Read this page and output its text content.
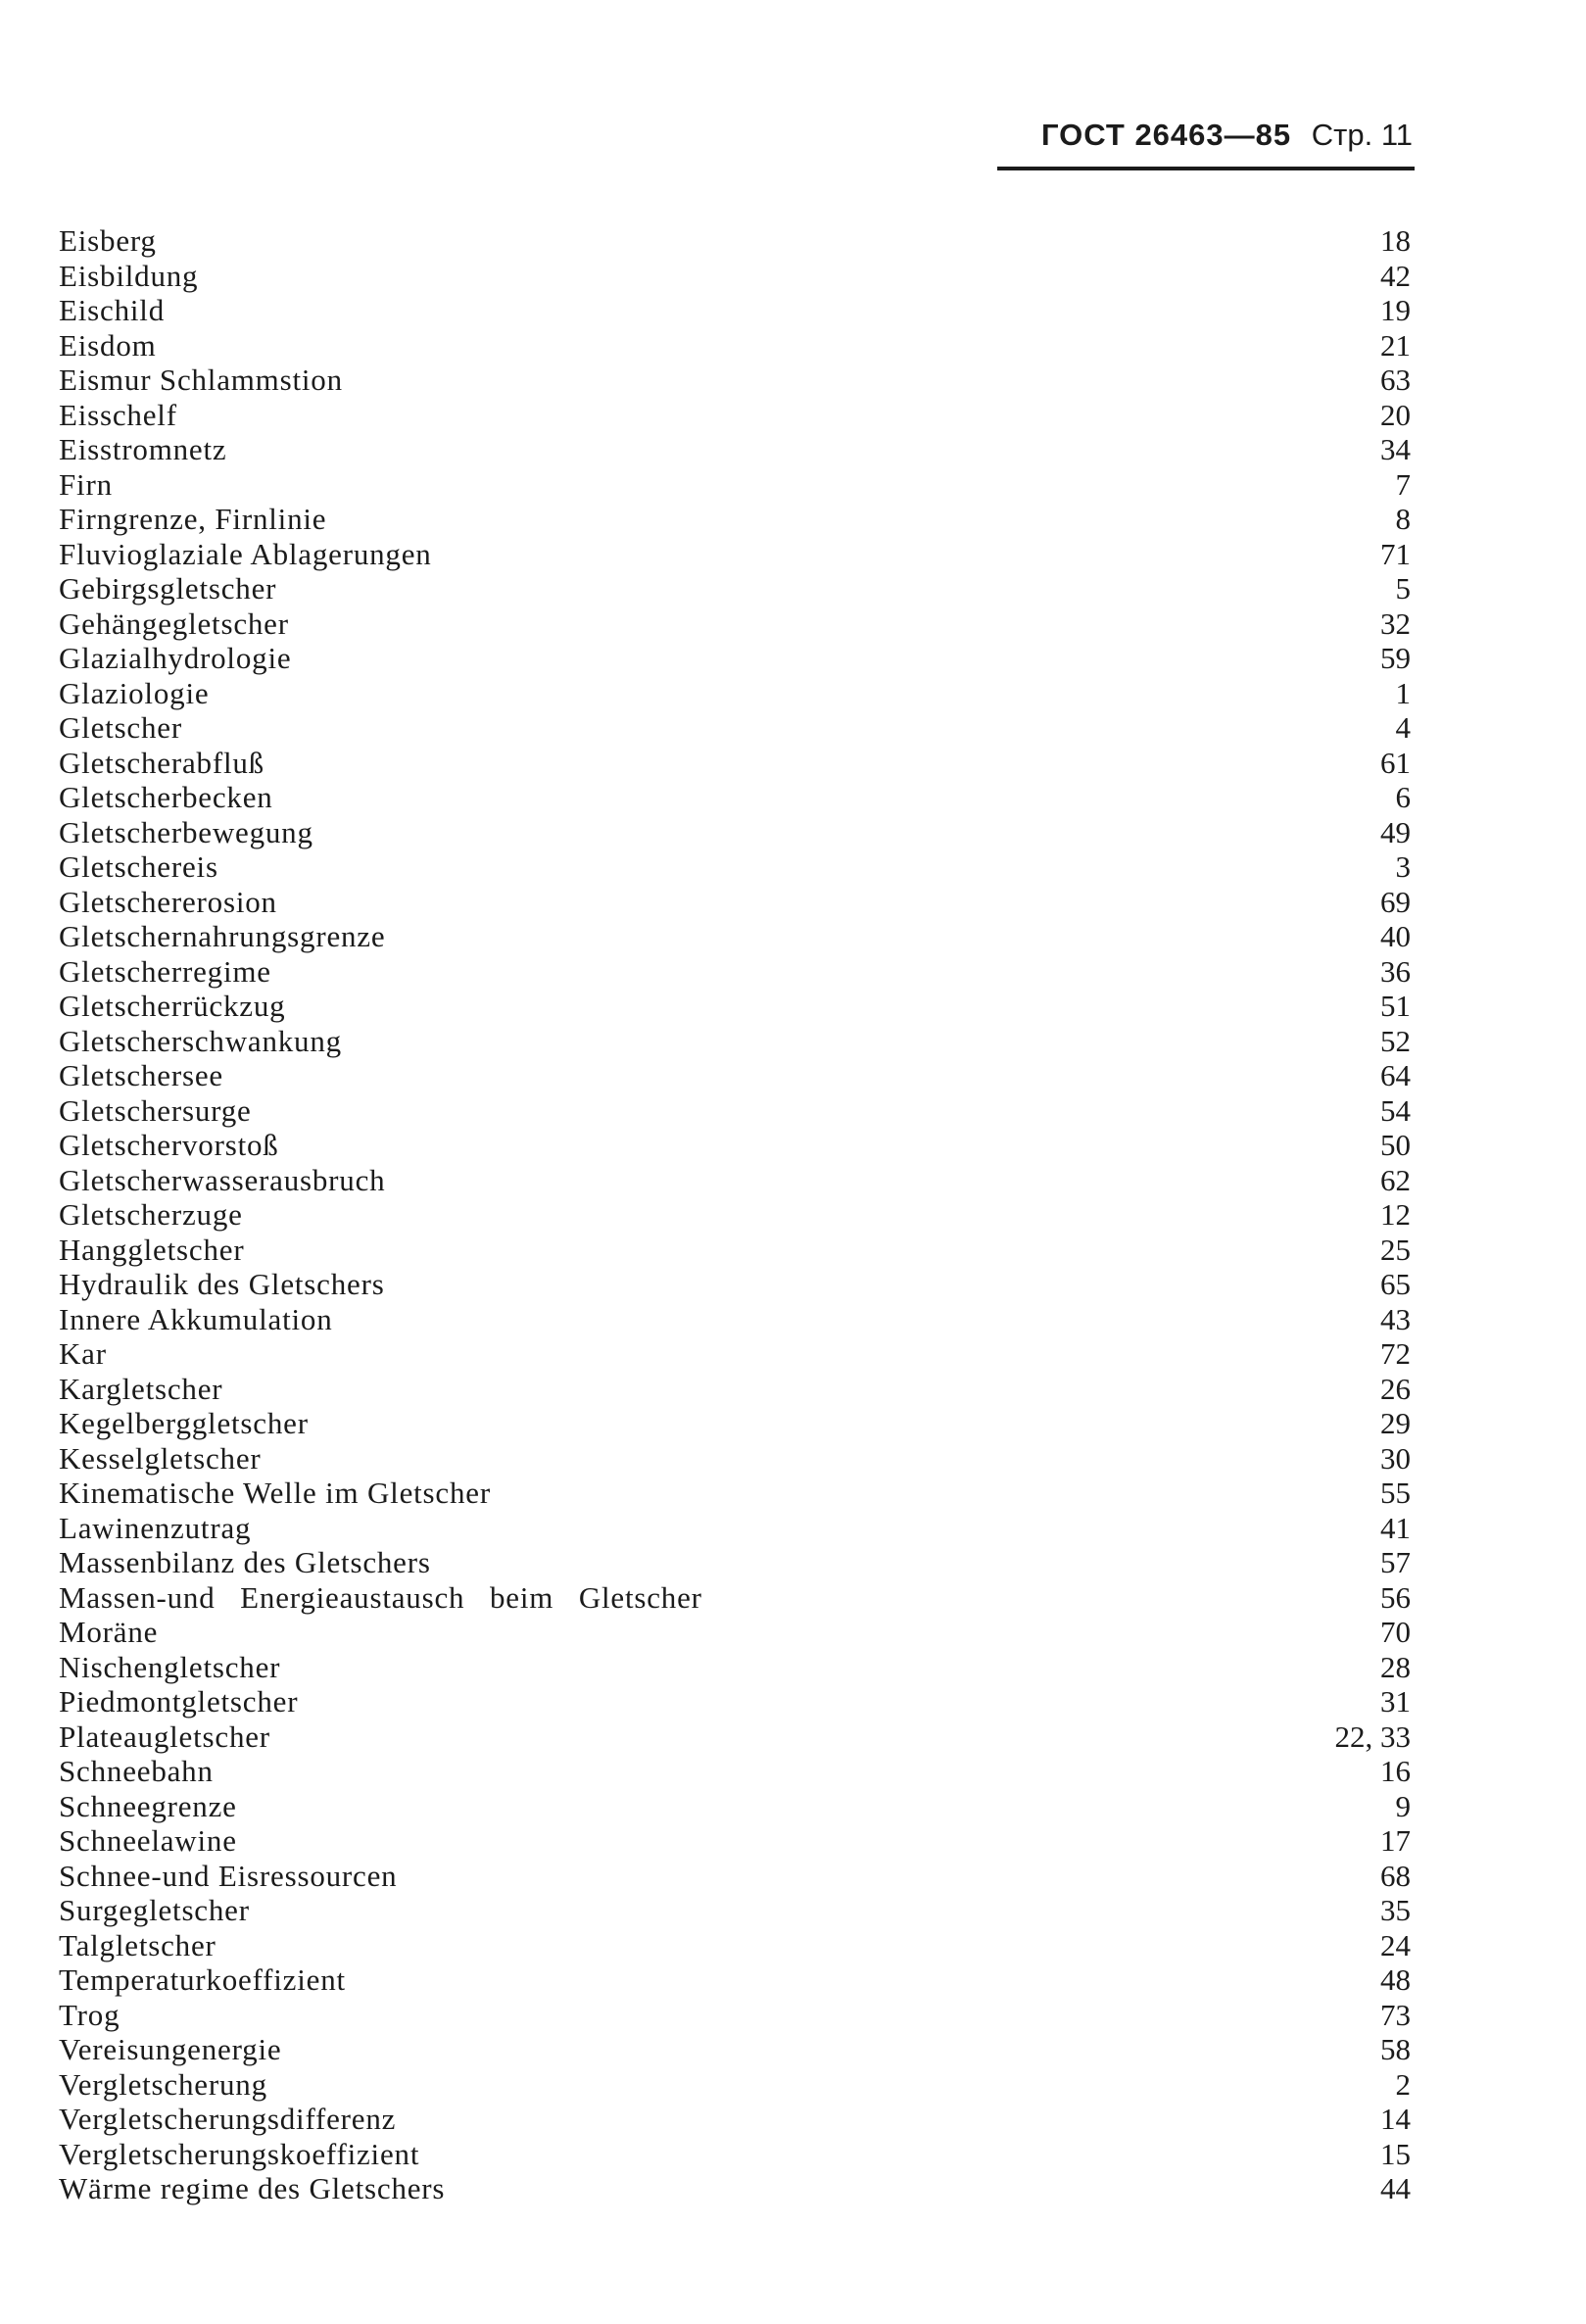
ГОСТ 26463—85 Стр. 11
Eisberg	18
Eisbildung	42
Eischild	19
Eisdom	21
Eismur Schlammstion	63
Eisschelf	20
Eisstromnetz	34
Firn	7
Firngrenze, Firnlinie	8
Fluvioglaziale Ablagerungen	71
Gebirgsgletscher	5
Gehängegletscher	32
Glazialhydrologie	59
Glaziologie	1
Gletscher	4
Gletscherabfluß	61
Gletscherbecken	6
Gletscherbewegung	49
Gletschereis	3
Gletschererosion	69
Gletschernahrungsgrenze	40
Gletscherregime	36
Gletscherrückzug	51
Gletscherschwankung	52
Gletschersee	64
Gletschersurge	54
Gletschervorstoß	50
Gletscherwasserausbruch	62
Gletscherzuge	12
Hanggletscher	25
Hydraulik des Gletschers	65
Innere Akkumulation	43
Kar	72
Kargletscher	26
Kegelberggletscher	29
Kesselgletscher	30
Kinematische Welle im Gletscher	55
Lawinenzutrag	41
Massenbilanz des Gletschers	57
Massen-und   Energieaustausch   beim   Gletscher	56
Moräne	70
Nischengletscher	28
Piedmontgletscher	31
Plateaugletscher	22, 33
Schneebahn	16
Schneegrenze	9
Schneelawine	17
Schnee-und Eisressourcen	68
Surgegletscher	35
Talgletscher	24
Temperaturkoeffizient	48
Trog	73
Vereisungenergie	58
Vergletscherung	2
Vergletscherungsdifferenz	14
Vergletscherungskoeffizient	15
Wärme regime des Gletschers	44
